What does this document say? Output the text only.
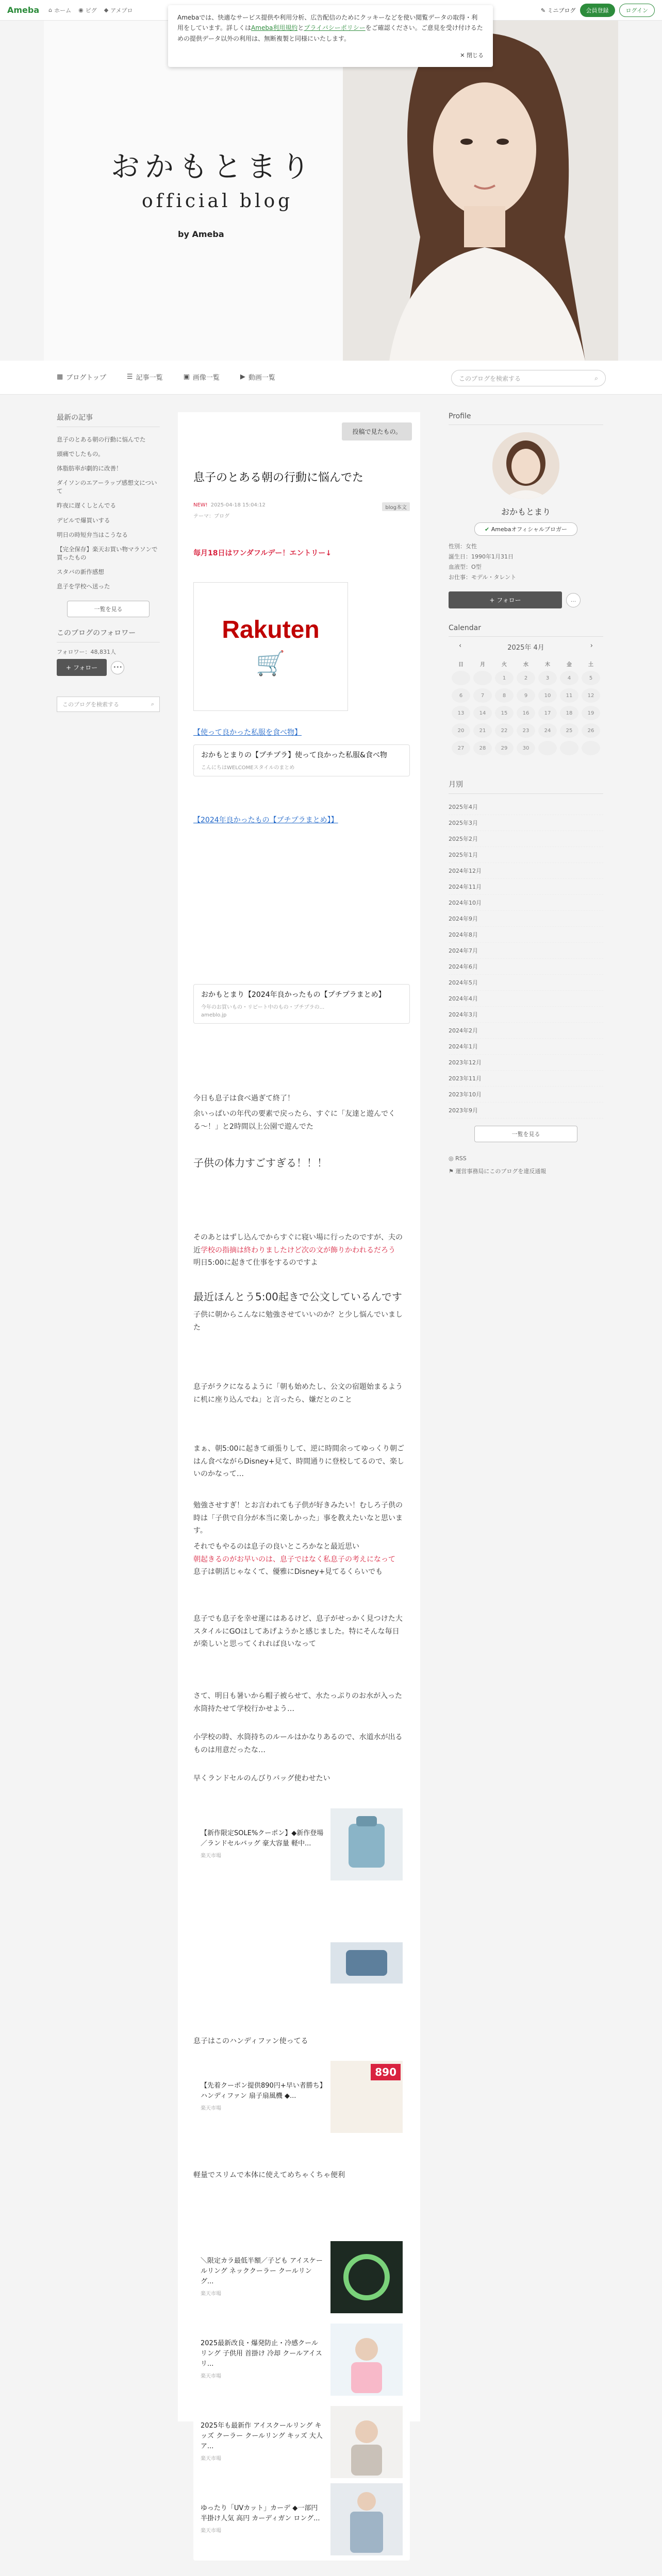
Ameba ⌂ ホーム ◉ ピグ ◆ アメプロ	✎ ミニブログ	会員登録	ログイン
Amebaでは、快適なサービス提供や利用分析、広告配信のためにクッキーなどを使い閲覧データの取得・利用をしています。詳しくはAmeba利用規約とプライバシーポリシーをご確認ください。ご意見を受け付けるための提供データ以外の利用は、無断複製と同様にいたします。
✕ 閉じる
おかもとまり
official blog
by Ameba
▦ ブログトップ	☰ 記事一覧	▣ 画像一覧	▶ 動画一覧	このブログを検索する	⌕
最新の記事
息子のとある朝の行動に悩んでた
頭痛でしたもの。
体脂肪率が劇的に改善！
ダイソンのエアーラップ感想文について
昨夜に遅くしとんでる
デビルで爆買いする
明日の時短弁当はこうなる
【完全保存】楽天お買い物マラソンで買ったもの
スタバの新作感想
息子を学校へ送った
一覧を見る
このブログのフォロワー
フォロワー：48,831人
+ フォロー	•••
このブログを検索する	⌕
投稿で見たもの。
息子のとある朝の行動に悩んでた
NEW! 2025-04-18 15:04:12
テーマ：ブログ
blog本文
毎月18日はワンダフルデー！エントリー↓
Rakuten
🛒
【使って良かった私服を食べ物】
おかもとまりの【プチプラ】使って良かった私服&食べ物
こんにちはWELCOMEスタイルのまとめ
【2024年良かったもの【プチプラまとめ】】
おかもとまり【2024年良かったもの【プチプラまとめ】
今年のお買いもの・リピート中のもの・プチプラの...
ameblo.jp
今日も息子は食べ過ぎて終了！
余いっぱいの年代の要素で戻ったら、すぐに「友達と遊んでくる〜！」と2時間以上公園で遊んでた
子供の体力すごすぎる！！！
そのあとはずし込んでからすぐに寝い場に行ったのですが、夫の近学校の指摘は終わりましたけど次の文が飾りかわれるだろう
明日5:00に起きて仕事をするのですよ
最近ほんとう5:00起きで公文しているんです
子供に朝からこんなに勉強させていいのか？と少し悩んでいました
息子がラクになるように「朝も始めたし、公文の宿題始まるように机に座り込んでね」と言ったら、嫌だとのこと
まぁ、朝5:00に起きて頑張りして、逆に時間余ってゆっくり朝ごはん食べながらDisney+見て、時間通りに登校してるので、楽しいのかなって…
勉強させすぎ！とお言われても子供が好きみたい！むしろ子供の時は「子供で自分が本当に楽しかった」事を教えたいなと思います。
それでもやるのは息子の良いところかなと最近思い
朝起きるのがお早いのは、息子ではなく私息子の考えになって
息子は朝活じゃなくて、優雅にDisney+見てるくらいでも
息子でも息子を幸せ運にはあるけど、息子がせっかく見つけた大スタイルにGOはしてあげようかと感じました。特にそんな毎日が楽しいと思ってくれれば良いなって
さて、明日も暑いから帽子被らせて、水たっぷりのお水が入った水筒持たせて学校行かせよう…
小学校の時、水筒持ちのルールはかなりあるので、水道水が出るものは用意だったな…
早くランドセルのんびりバッグ使わせたい
【新作限定SOLE%クーポン】◆新作登場／ランドセルバッグ 豪大容量 軽中...
楽天市場
息子はこのハンディファン使ってる
【先着クーポン提供890円+早い者勝ち】ハンディファン 扇子扇風機 ◆...
楽天市場
890
軽量でスリムで本体に使えてめちゃくちゃ便利
＼限定カラ最低半額／子ども アイスケールリング ネッククーラー クールリング...
楽天市場
2025最新改良・爆発防止・冷感クールリング 子供用 首掛け 冷却 クールアイスリ...
楽天市場
2025年も最新作 アイスクールリング キッズ クーラー クールリング キッズ 大人 ア...
楽天市場
ゆったり「UVカット」カーデ ◆一部円半掛け人気 高円 カーディガン ロング...
楽天市場
Profile
おかもとまり
✔ Amebaオフィシャルブロガー
性別：女性
誕生日：1990年1月31日
血液型：O型
お仕事：モデル・タレント
+ フォロー	...
Calendar
‹	2025年 4月	›
日	月	火	水	木	金	土
		1	2	3	4	5
6	7	8	9	10	11	12
13	14	15	16	17	18	19
20	21	22	23	24	25	26
27	28	29	30			
月別
2025年4月
2025年3月
2025年2月
2025年1月
2024年12月
2024年11月
2024年10月
2024年9月
2024年8月
2024年7月
2024年6月
2024年5月
2024年4月
2024年3月
2024年2月
2024年1月
2023年12月
2023年11月
2023年10月
2023年9月
一覧を見る
◎ RSS
⚑ 運営事務局にこのブログを違反通報
